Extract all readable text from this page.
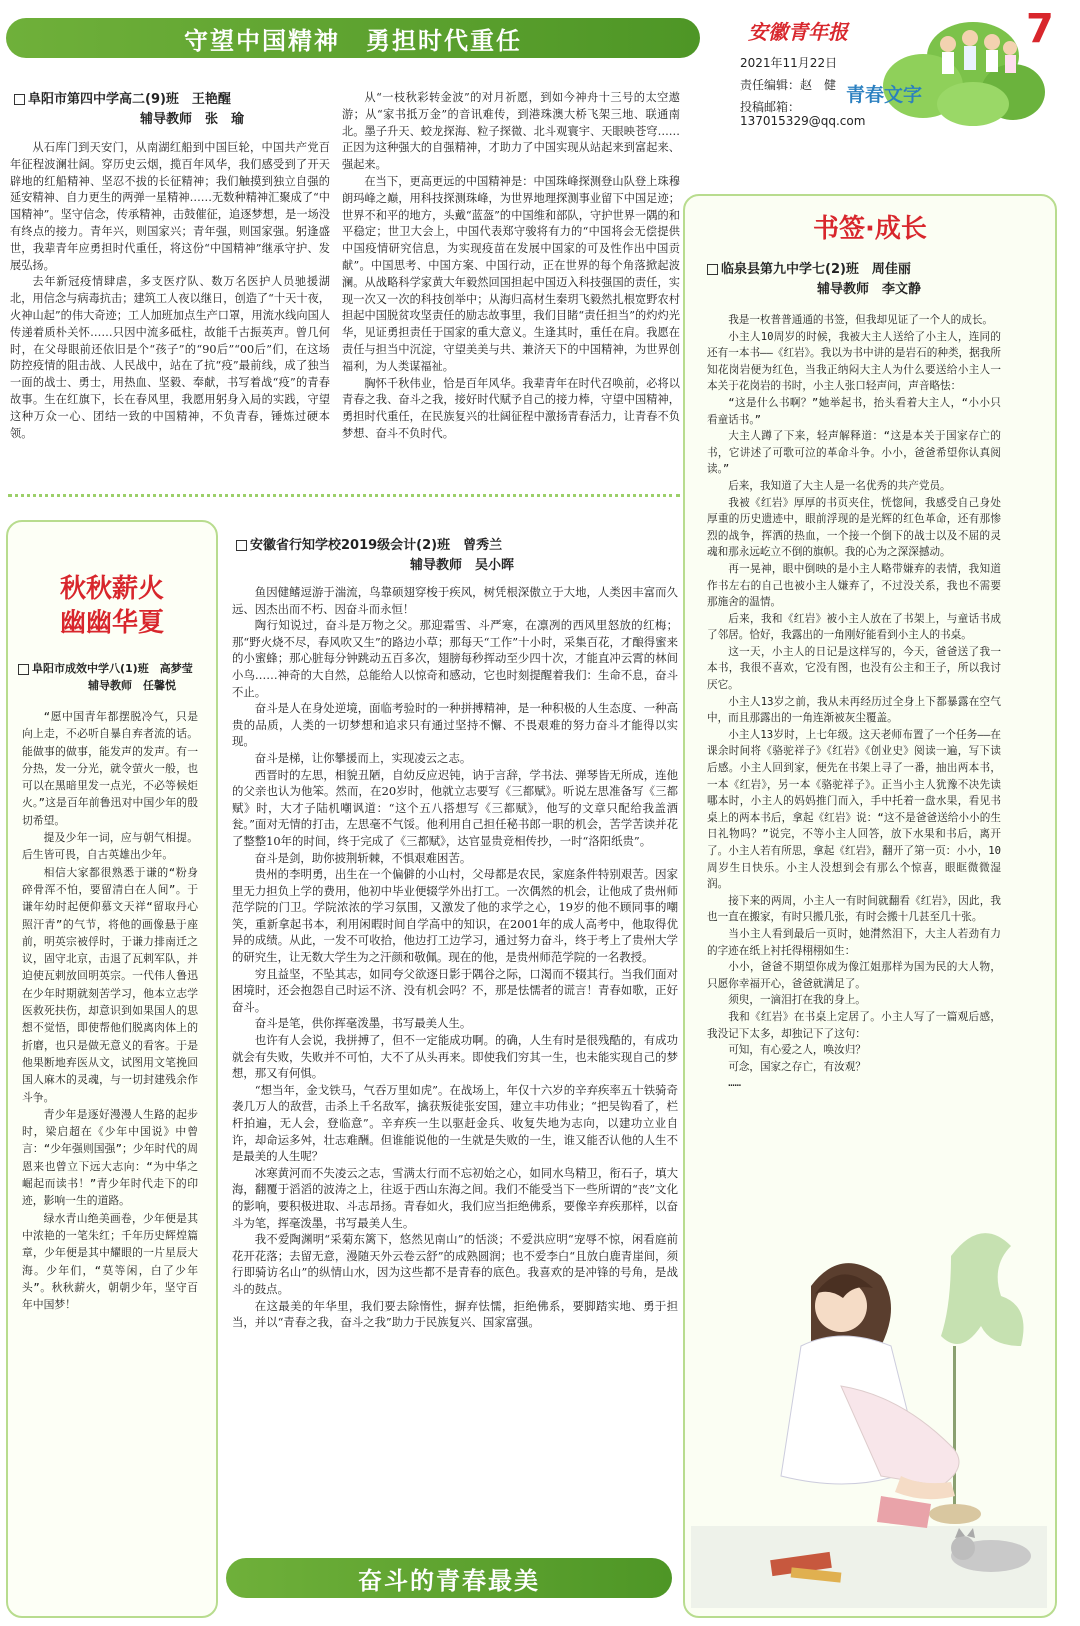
守望中国精神　勇担时代重任	安徽青年报
2021年11月22日
责任编辑：赵　健
投稿邮箱：
137015329@qq.com
青春文字
7
阜阳市第四中学高二(9)班　王艳醒
辅导教师　张　瑜

从石库门到天安门，从南湖红船到中国巨轮，中国共产党百年征程波澜壮阔。穿历史云烟，揽百年风华，我们感受到了开天辟地的红船精神、坚忍不拔的长征精神；我们触摸到独立自强的延安精神、自力更生的两弹一星精神……无数种精神汇聚成了“中国精神”。坚守信念，传承精神，击鼓催征，追逐梦想，是一场没有终点的接力。青年兴，则国家兴；青年强，则国家强。躬逢盛世，我辈青年应勇担时代重任，将这份“中国精神”继承守护、发展弘扬。

去年新冠疫情肆虐，多支医疗队、数万名医护人员驰援湖北，用信念与病毒抗击；建筑工人夜以继日，创造了“十天十夜，火神山起”的伟大奇迹；工人加班加点生产口罩，用流水线向国人传递着质朴关怀……只因中流多砥柱，故能千古振英声。曾几何时，在父母眼前还依旧是个“孩子”的“90后”“00后”们，在这场防控疫情的阻击战、人民战中，站在了抗“疫”最前线，成了独当一面的战士、勇士，用热血、坚毅、奉献，书写着战“疫”的青春故事。生在红旗下，长在春风里，我愿用躬身入局的实践，守望这种万众一心、团结一致的中国精神，不负青春，锤炼过硬本领。

从“一枝秋彩转金波”的对月祈愿，到如今神舟十三号的太空遨游；从“家书抵万金”的音讯难传，到港珠澳大桥飞架三地、联通南北。墨子升天、蛟龙探海、粒子探微、北斗观寰宇、天眼映苍穹……正因为这种强大的自强精神，才助力了中国实现从站起来到富起来、强起来。

在当下，更高更远的中国精神是：中国珠峰探测登山队登上珠穆朗玛峰之巅，用科技探测珠峰，为世界地理探测事业留下中国足迹；世界不和平的地方，头戴“蓝盔”的中国维和部队，守护世界一隅的和平稳定；世卫大会上，中国代表郑守骏将有力的“中国将会无偿提供中国疫情研究信息，为实现疫苗在发展中国家的可及性作出中国贡献”。中国思考、中国方案、中国行动，正在世界的每个角落掀起波澜。从战略科学家黄大年毅然回国担起中国迈入科技强国的责任，实现一次又一次的科技创举中；从海归高材生秦玥飞毅然扎根宽野农村担起中国脱贫攻坚责任的励志故事里，我们目睹“责任担当”的灼灼光华，见证勇担责任于国家的重大意义。生逢其时，重任在肩。我愿在责任与担当中沉淀，守望美美与共、兼济天下的中国精神，为世界创福利，为人类谋福祉。

胸怀千秋伟业，恰是百年风华。我辈青年在时代召唤前，必将以青春之我、奋斗之我，接好时代赋予自己的接力棒，守望中国精神，勇担时代重任，在民族复兴的壮阔征程中激扬青春活力，让青春不负梦想、奋斗不负时代。

书签·成长
临泉县第九中学七(2)班　周佳丽
辅导教师　李文静

我是一枚普普通通的书签，但我却见证了一个人的成长。

小主人10周岁的时候，我被大主人送给了小主人，连同的还有一本书——《红岩》。我以为书中讲的是岩石的种类，据我所知花岗岩便为红色，当我正纳闷大主人为什么要送给小主人一本关于花岗岩的书时，小主人张口轻声问，声音略怯：

“这是什么书啊？”她举起书，抬头看着大主人，“小小只看童话书。”

大主人蹲了下来，轻声解释道：“这是本关于国家存亡的书，它讲述了可歌可泣的革命斗争。小小，爸爸希望你认真阅读。”

后来，我知道了大主人是一名优秀的共产党员。

我被《红岩》厚厚的书页夹住，恍惚间，我感受自己身处厚重的历史遗迹中，眼前浮现的是光辉的红色革命，还有那惨烈的战争，挥洒的热血，一个接一个倒下的战士以及不屈的灵魂和那永远屹立不倒的旗帜。我的心为之深深撼动。

再一晃神，眼中倒映的是小主人略带嫌弃的表情，我知道作书左右的自己也被小主人嫌弃了，不过没关系，我也不需要那施舍的温情。

后来，我和《红岩》被小主人放在了书架上，与童话书成了邻居。恰好，我露出的一角刚好能看到小主人的书桌。

这一天，小主人的日记是这样写的，今天，爸爸送了我一本书，我很不喜欢，它没有图，也没有公主和王子，所以我讨厌它。

小主人13岁之前，我从未再经历过全身上下都暴露在空气中，而且那露出的一角连渐被灰尘覆盖。

小主人13岁时，上七年级。这天老师布置了一个任务——在课余时间将《骆驼祥子》《红岩》《创业史》阅读一遍，写下读后感。小主人回到家，便先在书架上寻了一番，抽出两本书，一本《红岩》，另一本《骆驼祥子》。正当小主人犹豫不决先读哪本时，小主人的妈妈推门而入，手中托着一盘水果，看见书桌上的两本书后，拿起《红岩》说：“这不是爸爸送给小小的生日礼物吗？”说完，不等小主人回答，放下水果和书后，离开了。小主人若有所思，拿起《红岩》，翻开了第一页：小小，10周岁生日快乐。小主人没想到会有那么个惊喜，眼眶微微湿润。

接下来的两周，小主人一有时间就翻看《红岩》，因此，我也一直在搬家，有时只搬几张，有时会搬十几甚至几十张。

当小主人看到最后一页时，她潸然泪下，大主人若劲有力的字迹在纸上衬托得栩栩如生：

小小，爸爸不期望你成为像江姐那样为国为民的大人物，只愿你幸福开心，爸爸就满足了。

须臾，一滴泪打在我的身上。

我和《红岩》在书桌上定居了。小主人写了一篇观后感，我没记下太多，却独记下了这句：

可知，有心爱之人，唤汝归？

可念，国家之存亡，有汝观？

……

秋秋薪火
幽幽华夏
阜阳市成效中学八(1)班　高梦莹
辅导教师　任馨悦

“愿中国青年都摆脱冷气，只是向上走，不必听自暴自弃者流的话。能做事的做事，能发声的发声。有一分热，发一分光，就令萤火一般，也可以在黑暗里发一点光，不必等候炬火。”这是百年前鲁迅对中国少年的殷切希望。

提及少年一词，应与朝气相提。后生皆可畏，自古英雄出少年。

相信大家都很熟悉于谦的“粉身碎骨浑不怕，要留清白在人间”。于谦年幼时起便仰慕文天祥“留取丹心照汗青”的气节，将他的画像悬于座前，明英宗被俘时，于谦力排南迁之议，固守北京，击退了瓦剌军队，并迫使瓦剌放回明英宗。一代伟人鲁迅在少年时期就刻苦学习，他本立志学医救死扶伤，却意识到如果国人的思想不觉悟，即使帮他们脱离肉体上的折磨，也只是做无意义的看客。于是他果断地弃医从文，试图用文笔挽回国人麻木的灵魂，与一切封建残余作斗争。

青少年是逐好漫漫人生路的起步时，梁启超在《少年中国说》中曾言：“少年强则国强”；少年时代的周恩来也曾立下远大志向：“为中华之崛起而读书！”青少年时代走下的印迹，影响一生的道路。

绿水青山绝美画卷，少年便是其中浓艳的一笔朱红；千年历史辉煌篇章，少年便是其中耀眼的一片星辰大海。少年们，“莫等闲，白了少年头”。秋秋薪火，朝朝少年，坚守百年中国梦！

安徽省行知学校2019级会计(2)班　曾秀兰
辅导教师　吴小晖

鱼因健鳍逗游于湍流，鸟靠硕翅穿梭于疾风，树凭根深傲立于大地，人类因丰富而久远、因杰出而不朽、因奋斗而永恒！

陶行知说过，奋斗是万物之父。那迎霜雪、斗严寒，在凛冽的西风里怒放的红梅；那“野火烧不尽，春风吹又生”的路边小草；那每天“工作”十小时，采集百花，才酿得蜜来的小蜜蜂；那心脏每分钟跳动五百多次，翅膀每秒挥动至少四十次，才能直冲云霄的林间小鸟……神奇的大自然，总能给人以惊奇和感动，它也时刻提醒着我们：生命不息，奋斗不止。

奋斗是人在身处逆境，面临考验时的一种拼搏精神，是一种积极的人生态度、一种高贵的品质，人类的一切梦想和追求只有通过坚持不懈、不畏艰难的努力奋斗才能得以实现。

奋斗是梯，让你攀援而上，实现凌云之志。

西晋时的左思，相貌丑陋，自幼反应迟钝，讷于言辞，学书法、弹琴皆无所成，连他的父亲也认为他笨。然而，在20岁时，他就立志要写《三都赋》。听说左思准备写《三都赋》时，大才子陆机嘲讽道：“这个五八搭想写《三都赋》，他写的文章只配给我盖酒瓮。”面对无情的打击，左思毫不气馁。他利用自己担任秘书郎一职的机会，苦学苦读并花了整整10年的时间，终于完成了《三都赋》，达官显贵竞相传抄，一时“洛阳纸贵”。

奋斗是剑，助你披荆斩棘，不惧艰难困苦。

贵州的李明勇，出生在一个偏僻的小山村，父母都是农民，家庭条件特别艰苦。因家里无力担负上学的费用，他初中毕业便辍学外出打工。一次偶然的机会，让他成了贵州师范学院的门卫。学院浓浓的学习氛围，又激发了他的求学之心，19岁的他不顾同事的嘲笑，重新拿起书本，利用闲暇时间自学高中的知识，在2001年的成人高考中，他取得优异的成绩。从此，一发不可收拾，他边打工边学习，通过努力奋斗，终于考上了贵州大学的研究生，让无数大学生为之汗颜和敬佩。现在的他，是贵州师范学院的一名教授。

穷且益坚，不坠其志，如同夸父欲逐日影于隅谷之际，口渴而不辍其行。当我们面对困境时，还会抱怨自己时运不济、没有机会吗？不，那是怯懦者的谎言！青春如歌，正好奋斗。

奋斗是笔，供你挥毫泼墨，书写最美人生。

也许有人会说，我拼搏了，但不一定能成功啊。的确，人生有时是很残酷的，有成功就会有失败，失败并不可怕，大不了从头再来。即使我们穷其一生，也未能实现自己的梦想，那又有何惧。

“想当年，金戈铁马，气吞万里如虎”。在战场上，年仅十六岁的辛弃疾率五十铁骑奇袭几万人的敌营，击杀上千名敌军，擒获叛徒张安国，建立丰功伟业；“把吴钩看了，栏杆拍遍，无人会，登临意”。辛弃疾一生以驱赶金兵、收复失地为志向，以建功立业自许，却命运多舛，壮志难酬。但谁能说他的一生就是失败的一生，谁又能否认他的人生不是最美的人生呢？

冰寒黄河而不失凌云之志，雪满太行而不忘初始之心，如同水鸟精卫，衔石子，填大海，翻覆于滔滔的波涛之上，往返于西山东海之间。我们不能受当下一些所谓的“丧”文化的影响，要积极进取、斗志昂扬。青春如火，我们应当拒绝佛系，要像辛弃疾那样，以奋斗为笔，挥毫泼墨，书写最美人生。

我不爱陶渊明“采菊东篱下，悠然见南山”的恬淡；不爱洪应明“宠辱不惊，闲看庭前花开花落；去留无意，漫随天外云卷云舒”的成熟圆润；也不爱李白“且放白鹿青崖间，须行即骑访名山”的纵情山水，因为这些都不是青春的底色。我喜欢的是冲锋的号角，是战斗的鼓点。

在这最美的年华里，我们要去除惰性，摒弃怯懦，拒绝佛系，要脚踏实地、勇于担当，并以“青春之我，奋斗之我”助力于民族复兴、国家富强。

奋斗的青春最美
